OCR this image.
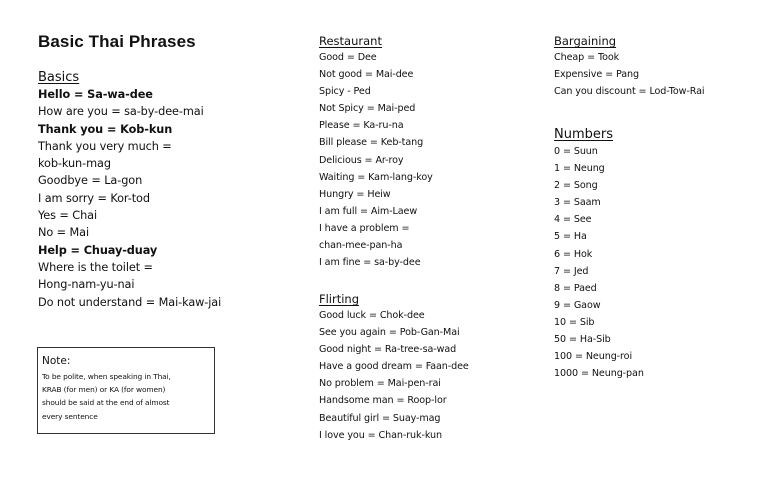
Basic Thai Phrases
Basics
Hello = Sa-wa-dee
How are you = sa-by-dee-mai
Thank you = Kob-kun
Thank you very much =
kob-kun-mag
Goodbye = La-gon
I am sorry = Kor-tod
Yes = Chai
No = Mai
Help = Chuay-duay
Where is the toilet =
Hong-nam-yu-nai
Do not understand = Mai-kaw-jai

Note:

To be polite, when speaking in Thai,

KRAB (for men) or KA (for women)

should be said at the end of almost

every sentence

Restaurant
Good = Dee
Not good = Mai-dee
Spicy - Ped
Not Spicy = Mai-ped
Please = Ka-ru-na
Bill please = Keb-tang
Delicious = Ar-roy
Waiting = Kam-lang-koy
Hungry = Heiw
I am full = Aim-Laew
I have a problem =
chan-mee-pan-ha
I am fine = sa-by-dee
Flirting
Good luck = Chok-dee
See you again = Pob-Gan-Mai
Good night = Ra-tree-sa-wad
Have a good dream = Faan-dee
No problem = Mai-pen-rai
Handsome man = Roop-lor
Beautiful girl = Suay-mag
I love you = Chan-ruk-kun
Bargaining
Cheap = Took
Expensive = Pang
Can you discount = Lod-Tow-Rai
Numbers
0 = Suun
1 = Neung
2 = Song
3 = Saam
4 = See
5 = Ha
6 = Hok
7 = Jed
8 = Paed
9 = Gaow
10 = Sib
50 = Ha-Sib
100 = Neung-roi
1000 = Neung-pan
